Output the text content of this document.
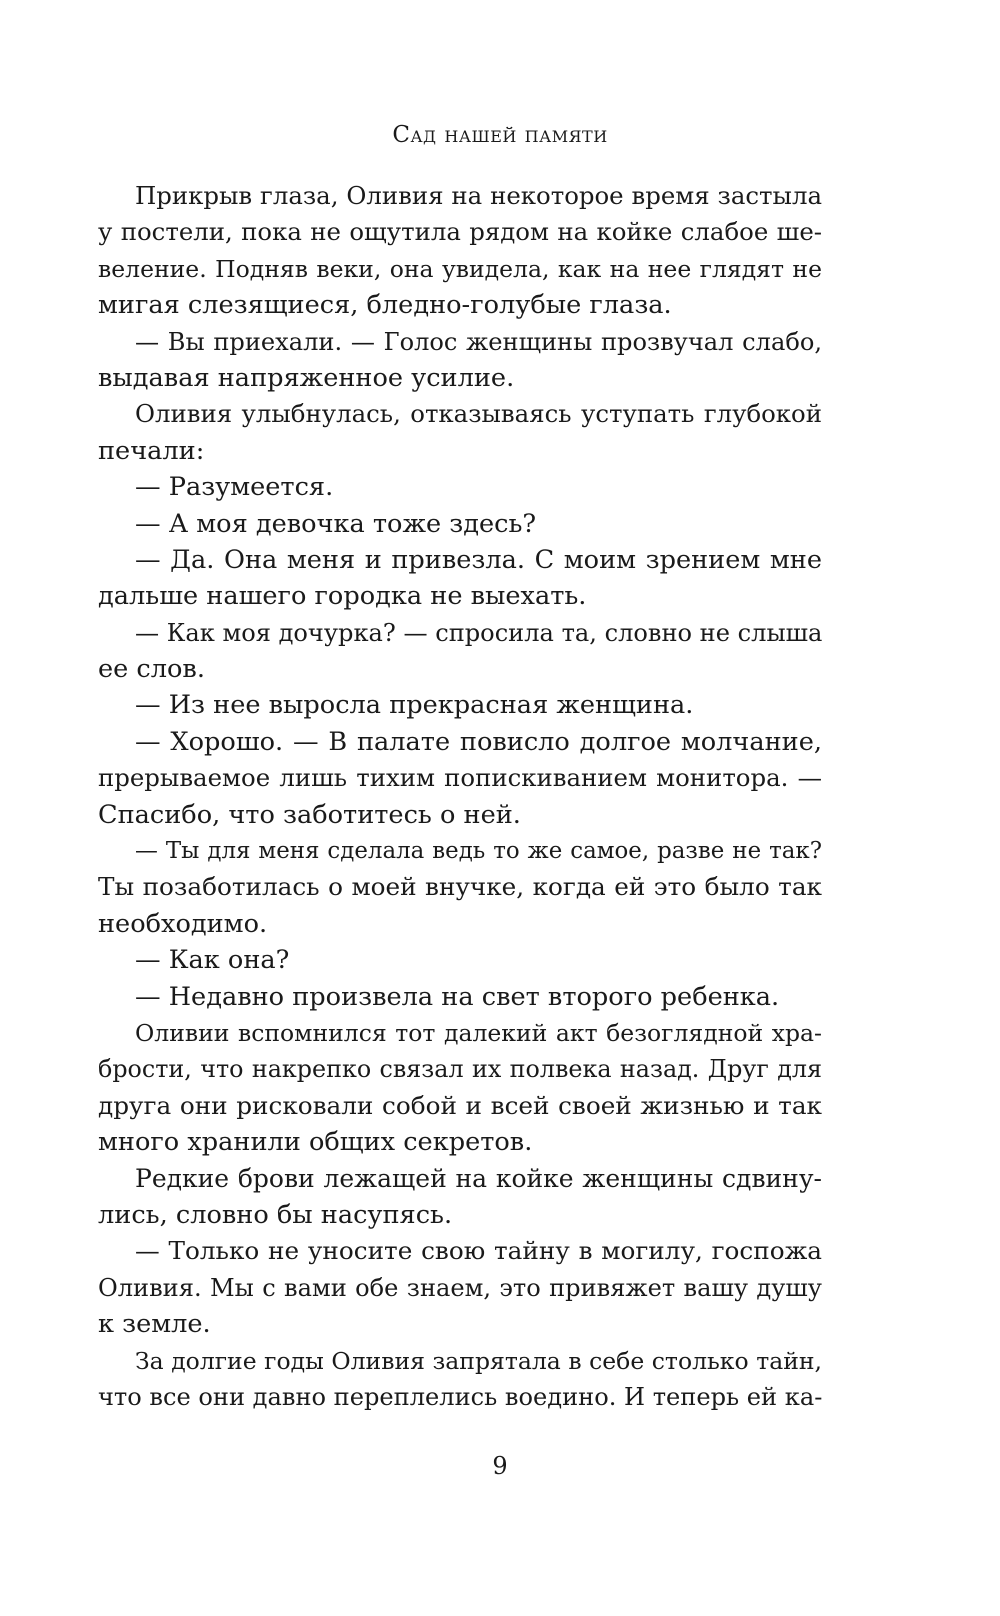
Сад нашей памяти
Прикрыв глаза, Оливия на некоторое время застыла
у постели, пока не ощутила рядом на койке слабое ше-
веление. Подняв веки, она увидела, как на нее глядят не
мигая слезящиеся, бледно-голубые глаза.
— Вы приехали. — Голос женщины прозвучал слабо,
выдавая напряженное усилие.
Оливия улыбнулась, отказываясь уступать глубокой
печали:
— Разумеется.
— А моя девочка тоже здесь?
— Да. Она меня и привезла. С моим зрением мне
дальше нашего городка не выехать.
— Как моя дочурка? — спросила та, словно не слыша
ее слов.
— Из нее выросла прекрасная женщина.
— Хорошо. — В палате повисло долгое молчание,
прерываемое лишь тихим попискиванием монитора. —
Спасибо, что заботитесь о ней.
— Ты для меня сделала ведь то же самое, разве не так?
Ты позаботилась о моей внучке, когда ей это было так
необходимо.
— Как она?
— Недавно произвела на свет второго ребенка.
Оливии вспомнился тот далекий акт безоглядной хра-
брости, что накрепко связал их полвека назад. Друг для
друга они рисковали собой и всей своей жизнью и так
много хранили общих секретов.
Редкие брови лежащей на койке женщины сдвину-
лись, словно бы насупясь.
— Только не уносите свою тайну в могилу, госпожа
Оливия. Мы с вами обе знаем, это привяжет вашу душу
к земле.
За долгие годы Оливия запрятала в себе столько тайн,
что все они давно переплелись воедино. И теперь ей ка-
9
